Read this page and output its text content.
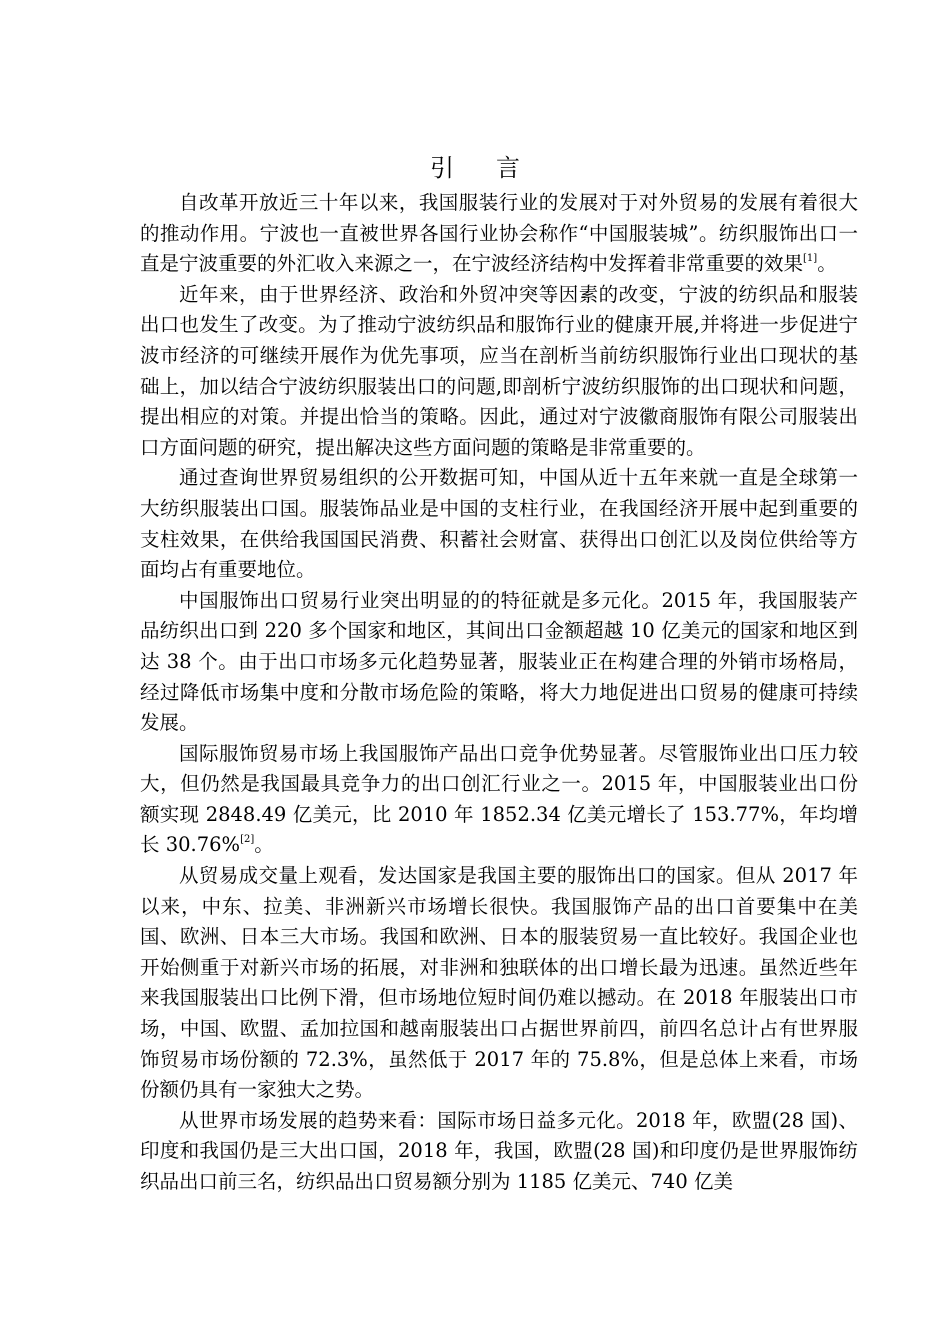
引言

自改革开放近三十年以来，我国服装行业的发展对于对外贸易的发展有着很大的推动作用。宁波也一直被世界各国行业协会称作“中国服装城”。纺织服饰出口一直是宁波重要的外汇收入来源之一，在宁波经济结构中发挥着非常重要的效果[1]。

近年来，由于世界经济、政治和外贸冲突等因素的改变，宁波的纺织品和服装出口也发生了改变。为了推动宁波纺织品和服饰行业的健康开展,并将进一步促进宁波市经济的可继续开展作为优先事项，应当在剖析当前纺织服饰行业出口现状的基础上，加以结合宁波纺织服装出口的问题,即剖析宁波纺织服饰的出口现状和问题，提出相应的对策。并提出恰当的策略。因此，通过对宁波徽商服饰有限公司服装出口方面问题的研究，提出解决这些方面问题的策略是非常重要的。

通过查询世界贸易组织的公开数据可知，中国从近十五年来就一直是全球第一大纺织服装出口国。服装饰品业是中国的支柱行业，在我国经济开展中起到重要的支柱效果，在供给我国国民消费、积蓄社会财富、获得出口创汇以及岗位供给等方面均占有重要地位。

中国服饰出口贸易行业突出明显的的特征就是多元化。2015 年，我国服装产品纺织出口到 220 多个国家和地区，其间出口金额超越 10 亿美元的国家和地区到达 38 个。由于出口市场多元化趋势显著，服装业正在构建合理的外销市场格局，经过降低市场集中度和分散市场危险的策略，将大力地促进出口贸易的健康可持续发展。

国际服饰贸易市场上我国服饰产品出口竞争优势显著。尽管服饰业出口压力较大，但仍然是我国最具竞争力的出口创汇行业之一。2015 年，中国服装业出口份额实现 2848.49 亿美元，比 2010 年 1852.34 亿美元增长了 153.77%，年均增长 30.76%[2]。

从贸易成交量上观看，发达国家是我国主要的服饰出口的国家。但从 2017 年以来，中东、拉美、非洲新兴市场增长很快。我国服饰产品的出口首要集中在美国、欧洲、日本三大市场。我国和欧洲、日本的服装贸易一直比较好。我国企业也开始侧重于对新兴市场的拓展，对非洲和独联体的出口增长最为迅速。虽然近些年来我国服装出口比例下滑，但市场地位短时间仍难以撼动。在 2018 年服装出口市场，中国、欧盟、孟加拉国和越南服装出口占据世界前四，前四名总计占有世界服饰贸易市场份额的 72.3%，虽然低于 2017 年的 75.8%，但是总体上来看，市场份额仍具有一家独大之势。

从世界市场发展的趋势来看：国际市场日益多元化。2018 年，欧盟(28 国)、印度和我国仍是三大出口国，2018 年，我国，欧盟(28 国)和印度仍是世界服饰纺织品出口前三名，纺织品出口贸易额分别为 1185 亿美元、740 亿美
